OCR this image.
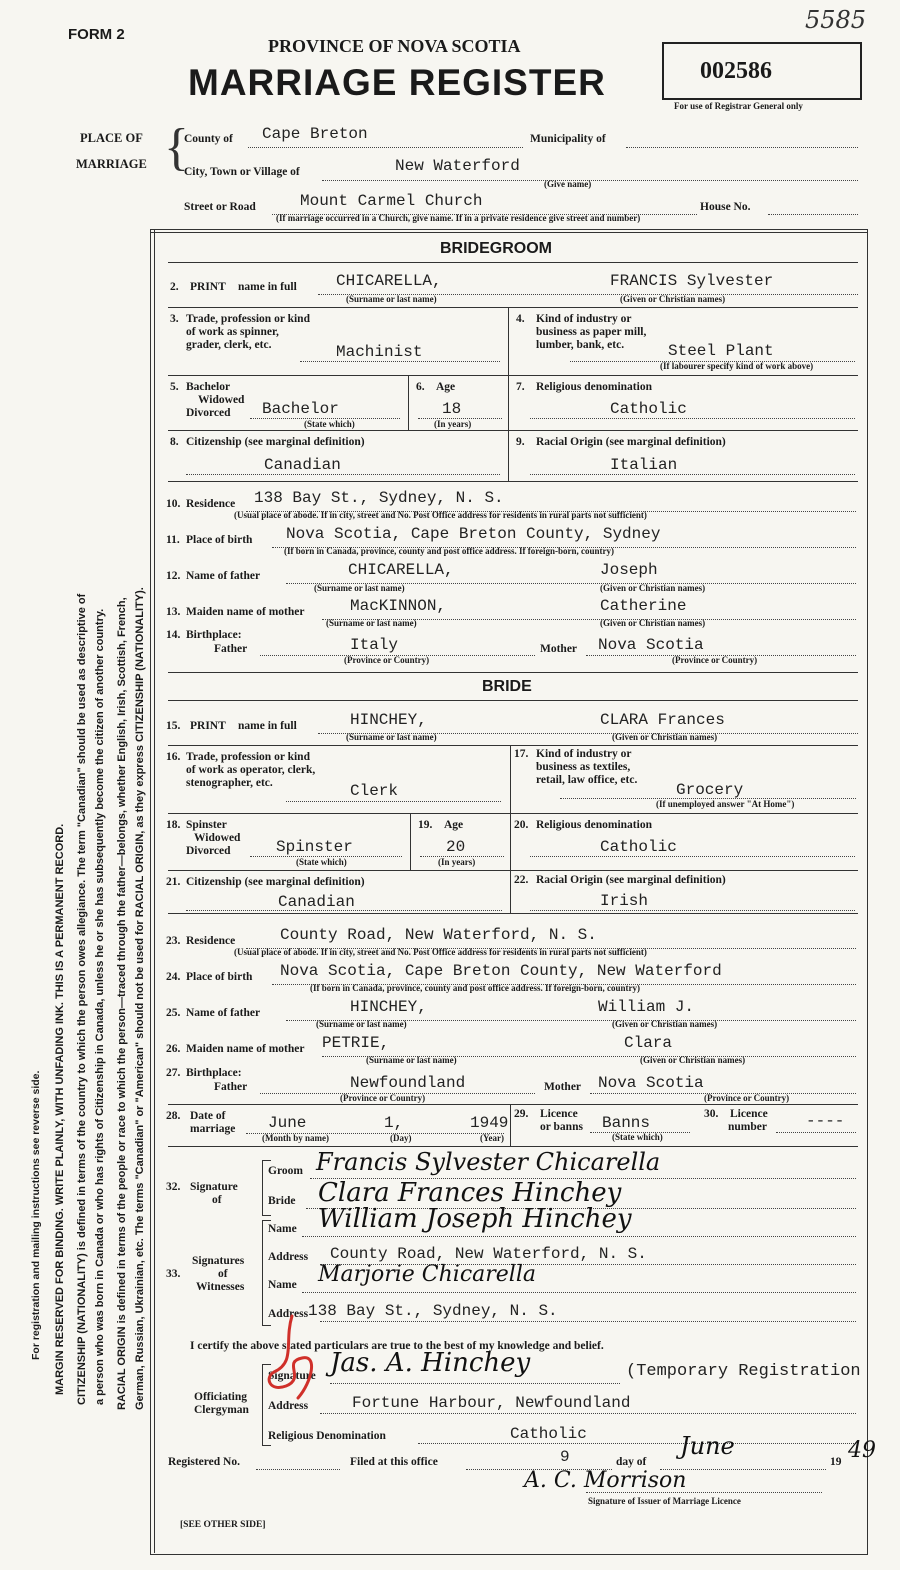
For registration and mailing instructions see reverse side. MARGIN RESERVED FOR BINDING. WRITE PLAINLY, WITH UNFADING INK. THIS IS A PERMANENT RECORD. CITIZENSHIP (NATIONALITY) is defined in terms of the country to which the person owes allegiance. The term "Canadian" should be used as descriptive of a person who was born in Canada or who has rights of Citizenship in Canada, unless he or she has subsequently become the citizen of another country. RACIAL ORIGIN is defined in terms of the people or race to which the person—traced through the father—belongs, whether English, Irish, Scottish, French, German, Russian, Ukrainian, etc. The terms "Canadian" or "American" should not be used for RACIAL ORIGIN, as they express CITIZENSHIP (NATIONALITY).
FORM 2
5585
PROVINCE OF NOVA SCOTIA
MARRIAGE REGISTER	002586
For use of Registrar General only
PLACE OF
MARRIAGE {
County of Cape Breton	Municipality of
City, Town or Village of	New Waterford
(Give name)
Street or Road	Mount Carmel Church	House No.
(If marriage occurred in a Church, give name. If in a private residence give street and number)
BRIDEGROOM
2. PRINT name in full CHICARELLA,	FRANCIS Sylvester
(Surname or last name)	(Given or Christian names)
3. Trade, profession or kind of work as spinner, grader, clerk, etc.	Machinist
4. Kind of industry or business as paper mill, lumber, bank, etc.	Steel Plant
(If labourer specify kind of work above)
5. Bachelor
Widowed
Divorced Bachelor
(State which)
6. Age
18
(In years)
7. Religious denomination
Catholic
8. Citizenship (see marginal definition)
Canadian
9. Racial Origin (see marginal definition)
Italian
10. Residence 138 Bay St., Sydney, N. S.
(Usual place of abode. If in city, street and No. Post Office address for residents in rural parts not sufficient)
11. Place of birth Nova Scotia, Cape Breton County, Sydney
(If born in Canada, province, county and post office address. If foreign-born, country)
12. Name of father	CHICARELLA,	Joseph
(Surname or last name)	(Given or Christian names)
13. Maiden name of mother	MacKINNON,	Catherine
(Surname or last name)	(Given or Christian names)
14. Birthplace:
Father	Italy	Mother Nova Scotia
(Province or Country)	(Province or Country)
BRIDE
15. PRINT name in full	HINCHEY,	CLARA Frances
(Surname or last name)	(Given or Christian names)
16. Trade, profession or kind of work as operator, clerk, stenographer, etc.	Clerk
17. Kind of industry or business as textiles, retail, law office, etc.
Grocery
(If unemployed answer "At Home")
18. Spinster
Widowed
Divorced	Spinster
(State which)
19. Age
20
(In years)
20. Religious denomination
Catholic
21. Citizenship (see marginal definition)
Canadian
22. Racial Origin (see marginal definition)
Irish
23. Residence	County Road, New Waterford, N. S.
(Usual place of abode. If in city, street and No. Post Office address for residents in rural parts not sufficient)
24. Place of birth Nova Scotia, Cape Breton County, New Waterford
(If born in Canada, province, county and post office address. If foreign-born, country)
25. Name of father	HINCHEY,	William J.
(Surname or last name)	(Given or Christian names)
26. Maiden name of mother PETRIE,	Clara
(Surname or last name)	(Given or Christian names)
27. Birthplace:
Father	Newfoundland	Mother Nova Scotia
(Province or Country)	(Province or Country)
28. Date of
marriage June	1,	1949
(Month by name)	(Day)	(Year)
29. Licence
or banns Banns
(State which)
30. Licence
number ----
32. Signature
of
Groom Francis Sylvester Chicarella
Bride Clara Frances Hinchey
33.
Signatures
of
Witnesses
Name William Joseph Hinchey
Address County Road, New Waterford, N. S.
Name Marjorie Chicarella
Address 138 Bay St., Sydney, N. S.
I certify the above stated particulars are true to the best of my knowledge and belief.
Officiating
Clergyman
Signature Jas. A. Hinchey	(Temporary Registration
Address	Fortune Harbour, Newfoundland
Religious Denomination	Catholic
Registered No.	Filed at this office	9	day of
June
19 49
A. C. Morrison
Signature of Issuer of Marriage Licence
[SEE OTHER SIDE]
